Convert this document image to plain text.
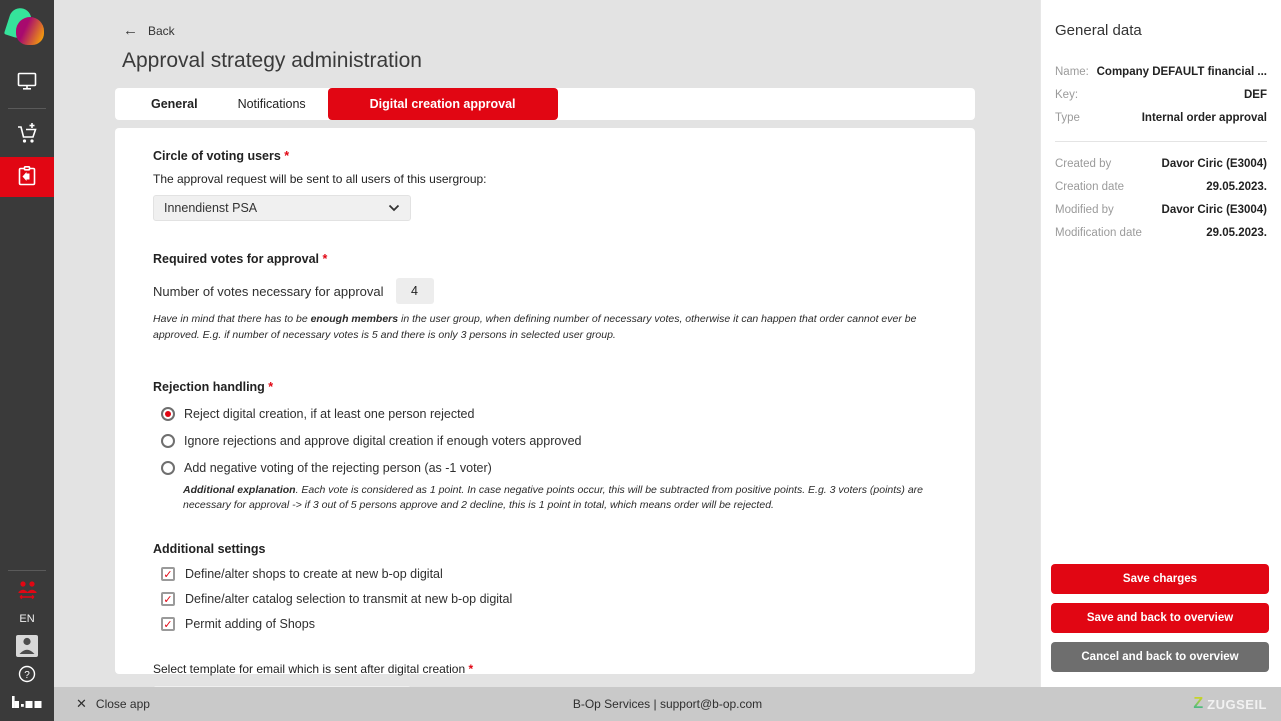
EN
?
← Back
Approval strategy administration
General	Notifications	Digital creation approval
Circle of voting users *
The approval request will be sent to all users of this usergroup:
Innendienst PSA
Required votes for approval *
Number of votes necessary for approval
4
Have in mind that there has to be enough members in the user group, when defining number of necessary votes, otherwise it can happen that order cannot ever be approved. E.g. if number of necessary votes is 5 and there is only 3 persons in selected user group.
Rejection handling *
Reject digital creation, if at least one person rejected
Ignore rejections and approve digital creation if enough voters approved
Add negative voting of the rejecting person (as -1 voter)
Additional explanation. Each vote is considered as 1 point. In case negative points occur, this will be subtracted from positive points. E.g. 3 voters (points) are necessary for approval -> if 3 out of 5 persons approve and 2 decline, this is 1 point in total, which means order will be rejected.
Additional settings
✓ Define/alter shops to create at new b-op digital
✓ Define/alter catalog selection to transmit at new b-op digital
✓ Permit adding of Shops
Select template for email which is sent after digital creation *
General data
Name: Company DEFAULT financial ...
Key:	DEF
Type	Internal order approval
Created by	Davor Ciric (E3004)
Creation date	29.05.2023.
Modified by	Davor Ciric (E3004)
Modification date	29.05.2023.
Save charges
Save and back to overview
Cancel and back to overview
✕ Close app	B-Op Services | support@b-op.com	Z ZUGSEIL
